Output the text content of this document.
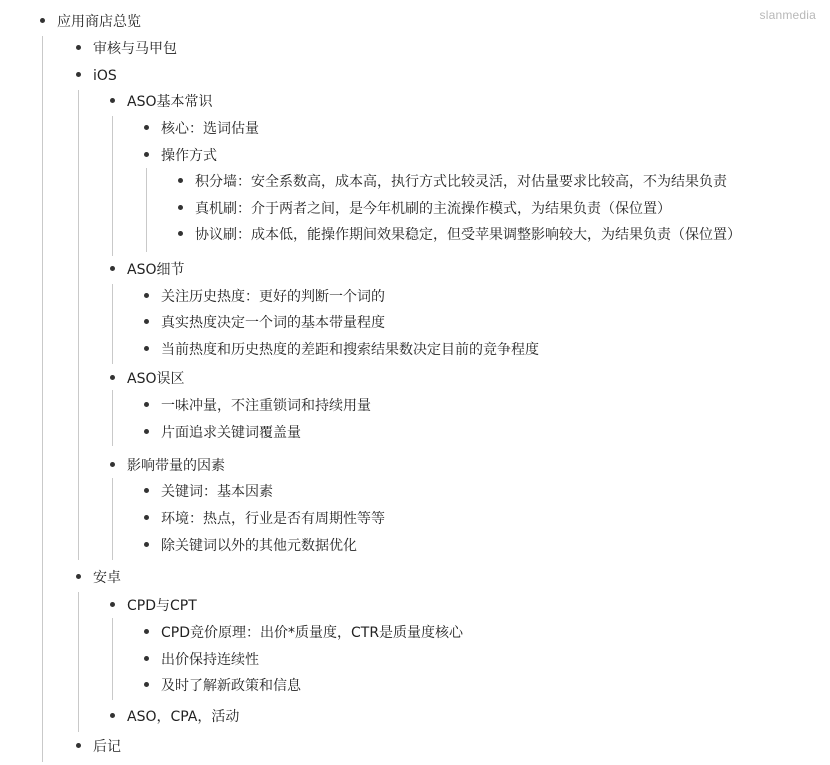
slanmedia
应用商店总览
审核与马甲包
iOS
ASO基本常识
核心：选词估量
操作方式
积分墙：安全系数高，成本高，执行方式比较灵活，对估量要求比较高，不为结果负责
真机刷：介于两者之间，是今年机刷的主流操作模式，为结果负责（保位置）
协议刷：成本低，能操作期间效果稳定，但受苹果调整影响较大，为结果负责（保位置）
ASO细节
关注历史热度：更好的判断一个词的
真实热度决定一个词的基本带量程度
当前热度和历史热度的差距和搜索结果数决定目前的竞争程度
ASO误区
一味冲量，不注重锁词和持续用量
片面追求关键词覆盖量
影响带量的因素
关键词：基本因素
环境：热点，行业是否有周期性等等
除关键词以外的其他元数据优化
安卓
CPD与CPT
CPD竞价原理：出价*质量度，CTR是质量度核心
出价保持连续性
及时了解新政策和信息
ASO，CPA，活动
后记
